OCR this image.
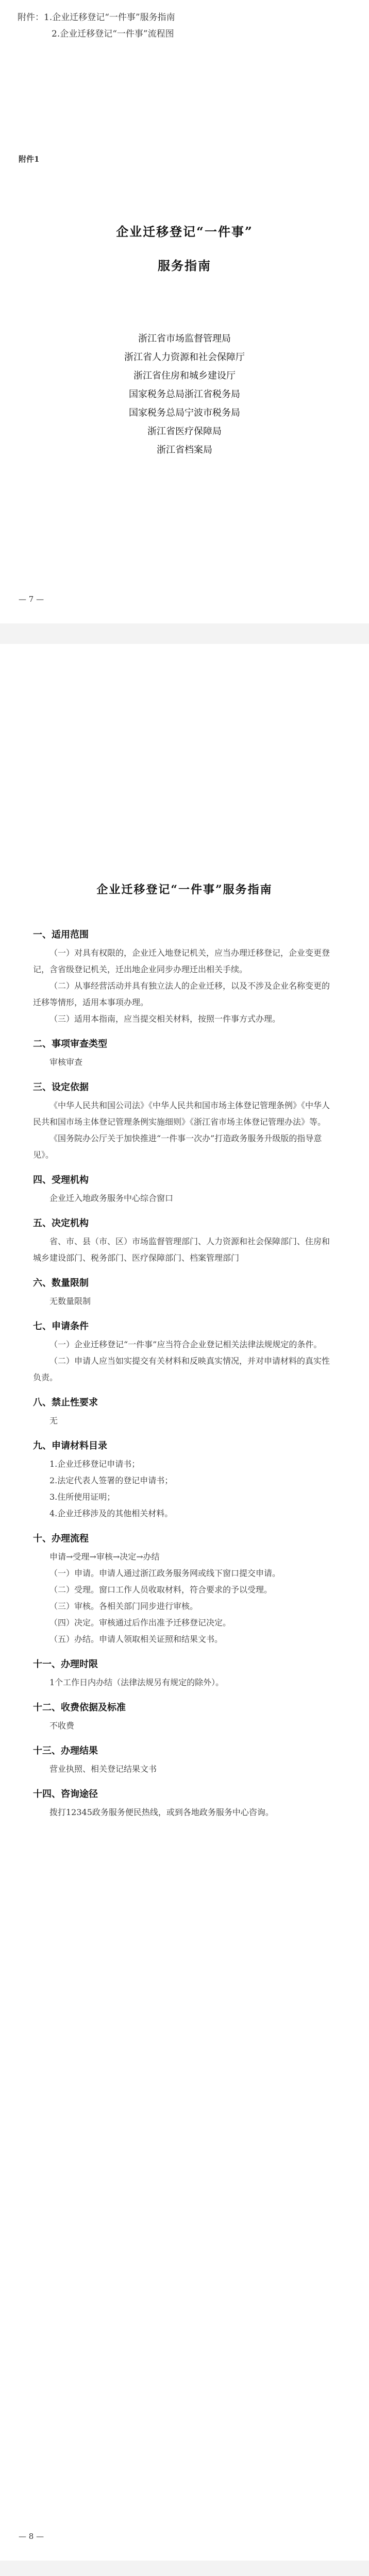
附件：1.企业迁移登记“一件事”服务指南
2.企业迁移登记“一件事”流程图
附件1
企业迁移登记“一件事”
服务指南
浙江省市场监督管理局
浙江省人力资源和社会保障厅
浙江省住房和城乡建设厅
国家税务总局浙江省税务局
国家税务总局宁波市税务局
浙江省医疗保障局
浙江省档案局
— 7 —
企业迁移登记“一件事”服务指南
一、适用范围
（一）对具有权限的，企业迁入地登记机关，应当办理迁移登记，企业变更登记，含省级登记机关，迁出地企业同步办理迁出相关手续。
（二）从事经营活动并具有独立法人的企业迁移，以及不涉及企业名称变更的迁移等情形，适用本事项办理。
（三）适用本指南，应当提交相关材料，按照一件事方式办理。
二、事项审查类型
审核审查
三、设定依据
《中华人民共和国公司法》《中华人民共和国市场主体登记管理条例》《中华人民共和国市场主体登记管理条例实施细则》《浙江省市场主体登记管理办法》等。
《国务院办公厅关于加快推进“一件事一次办”打造政务服务升级版的指导意见》。
四、受理机构
企业迁入地政务服务中心综合窗口
五、决定机构
省、市、县（市、区）市场监督管理部门、人力资源和社会保障部门、住房和城乡建设部门、税务部门、医疗保障部门、档案管理部门
六、数量限制
无数量限制
七、申请条件
（一）企业迁移登记“一件事”应当符合企业登记相关法律法规规定的条件。
（二）申请人应当如实提交有关材料和反映真实情况，并对申请材料的真实性负责。
八、禁止性要求
无
九、申请材料目录
1.企业迁移登记申请书；
2.法定代表人签署的登记申请书；
3.住所使用证明；
4.企业迁移涉及的其他相关材料。
十、办理流程
申请→受理→审核→决定→办结
（一）申请。申请人通过浙江政务服务网或线下窗口提交申请。
（二）受理。窗口工作人员收取材料，符合要求的予以受理。
（三）审核。各相关部门同步进行审核。
（四）决定。审核通过后作出准予迁移登记决定。
（五）办结。申请人领取相关证照和结果文书。
十一、办理时限
1个工作日内办结（法律法规另有规定的除外）。
十二、收费依据及标准
不收费
十三、办理结果
营业执照、相关登记结果文书
十四、咨询途径
拨打12345政务服务便民热线，或到各地政务服务中心咨询。
— 8 —
